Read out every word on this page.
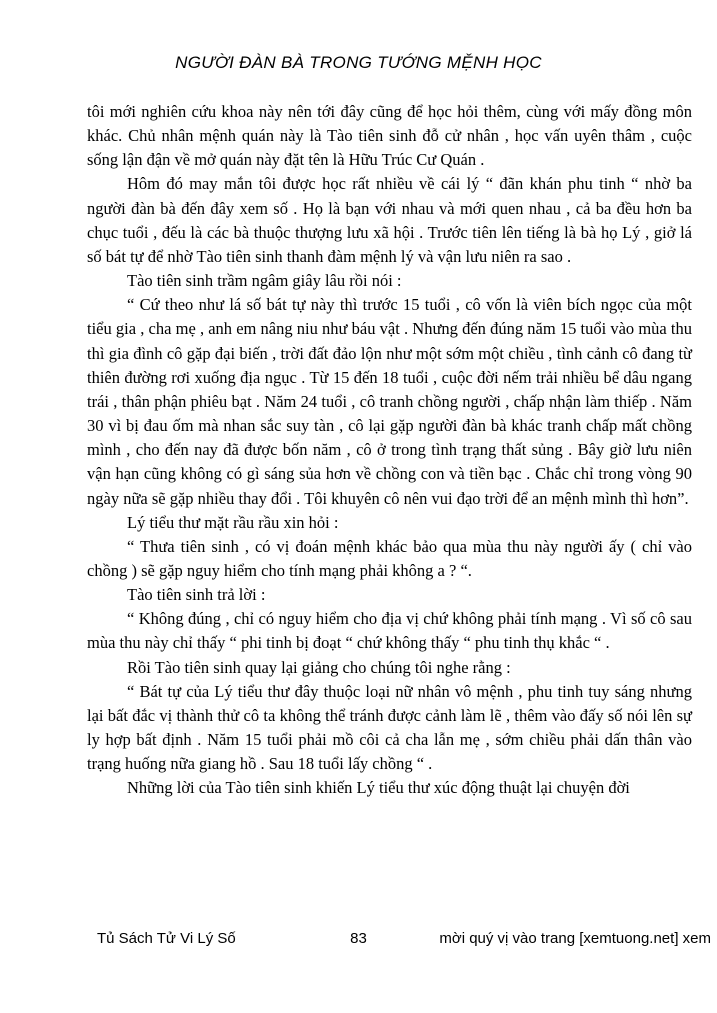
NGƯỜI ĐÀN BÀ TRONG TƯỚNG MỆNH HỌC

tôi mới nghiên cứu khoa này nên tới đây cũng để học hỏi thêm, cùng với mấy đồng môn khác. Chủ nhân mệnh quán này là Tào tiên sinh đỗ cử nhân , học vấn uyên thâm , cuộc sống lận đận về mở quán này đặt tên là Hữu Trúc Cư Quán .

Hôm đó may mắn tôi được học rất nhiều về cái lý “ đãn khán phu tinh “ nhờ ba người đàn bà đến đây xem số . Họ là bạn với nhau và mới quen nhau , cả ba đều hơn ba chục tuổi , đếu là các bà thuộc thượng lưu xã hội . Trước tiên lên tiếng là bà họ Lý , giở lá số bát tự để nhờ Tào tiên sinh thanh đàm mệnh lý và vận lưu niên ra sao .

Tào tiên sinh trầm ngâm giây lâu rồi nói :

“ Cứ theo như lá số bát tự này thì trước 15 tuổi , cô vốn là viên bích ngọc của một tiểu gia , cha mẹ , anh em nâng niu như báu vật . Nhưng đến đúng năm 15 tuổi vào mùa thu thì gia đình cô gặp đại biến , trời đất đảo lộn như một sớm một chiều , tình cảnh cô đang từ thiên đường rơi xuống địa ngục . Từ 15 đến 18 tuổi , cuộc đời nếm trải nhiều bể dâu ngang trái , thân phận phiêu bạt . Năm 24 tuổi , cô tranh chồng người , chấp nhận làm thiếp . Năm 30 vì bị đau ốm mà nhan sắc suy tàn , cô lại gặp người đàn bà khác tranh chấp mất chồng mình , cho đến nay đã được bốn năm , cô ở trong tình trạng thất sủng . Bây giờ lưu niên vận hạn cũng không có gì sáng sủa hơn về chồng con và tiền bạc . Chắc chỉ trong vòng 90 ngày nữa sẽ gặp nhiều thay đổi . Tôi khuyên cô nên vui đạo trời để an mệnh mình thì hơn”.

Lý tiểu thư mặt rầu rầu xin hỏi :

“ Thưa tiên sinh , có vị đoán mệnh khác bảo qua mùa thu này người ấy ( chỉ vào chồng ) sẽ gặp nguy hiểm cho tính mạng phải không a ? “.

Tào tiên sinh trả lời :

“ Không đúng , chỉ có nguy hiểm cho địa vị chứ không phải tính mạng . Vì số cô sau mùa thu này chỉ thấy “ phi tinh bị đoạt “ chứ không thấy “ phu tinh thụ khắc “ .

Rồi Tào tiên sinh quay lại giảng cho chúng tôi nghe rằng :

“ Bát tự của Lý tiểu thư đây thuộc loại nữ nhân vô mệnh , phu tinh tuy sáng nhưng lại bất đắc vị thành thử cô ta không thể tránh được cảnh làm lẽ , thêm vào đấy số nói lên sự ly hợp bất định . Năm 15 tuổi phải mồ côi cả cha lẫn mẹ , sớm chiều phải dấn thân vào trạng huống nữa giang hồ . Sau 18 tuổi lấy chồng “ .

Những lời của Tào tiên sinh khiến Lý tiểu thư xúc động thuật lại chuyện đời

Tủ Sách Tử Vi Lý Số	83	mời quý vị vào trang [xemtuong.net] xem
